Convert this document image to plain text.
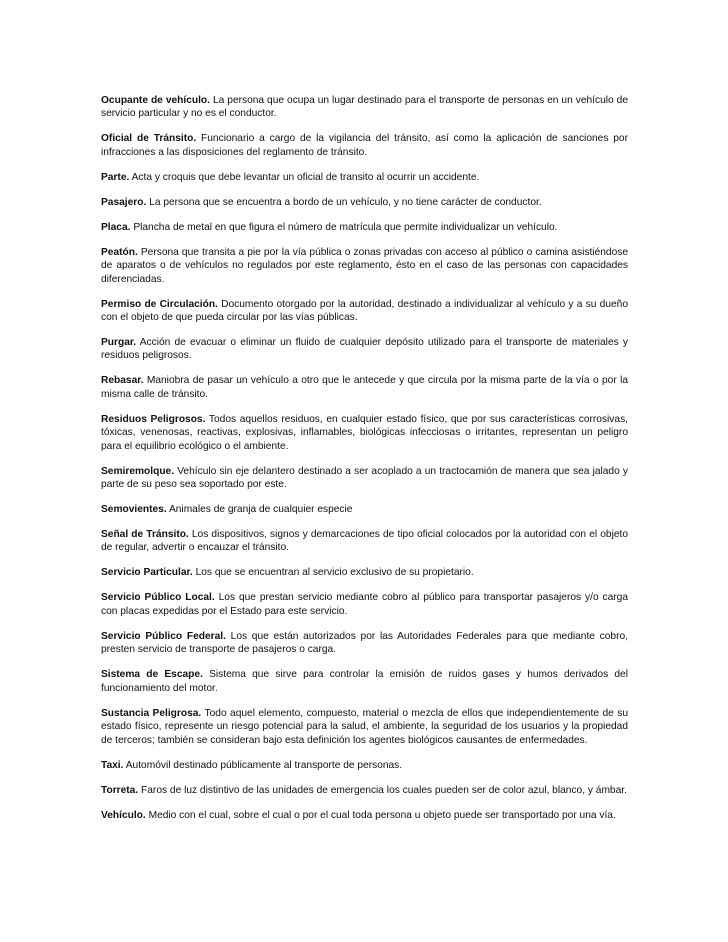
Ocupante de vehículo. La persona que ocupa un lugar destinado para el transporte de personas en un vehículo de servicio particular y no es el conductor.

Oficial de Tránsito. Funcionario a cargo de la vigilancia del tránsito, así como la aplicación de sanciones por infracciones a las disposiciones del reglamento de tránsito.

Parte. Acta y croquis que debe levantar un oficial de transito al ocurrir un accidente.

Pasajero. La persona que se encuentra a bordo de un vehículo, y no tiene carácter de conductor.

Placa. Plancha de metal en que figura el número de matrícula que permite individualizar un vehículo.

Peatón. Persona que transita a pie por la vía pública o zonas privadas con acceso al público o camina asistiéndose de aparatos o de vehículos no regulados por este reglamento, ésto en el caso de las personas con capacidades diferenciadas.

Permiso de Circulación. Documento otorgado por la autoridad, destinado a individualizar al vehículo y a su dueño con el objeto de que pueda circular por las vías públicas.

Purgar. Acción de evacuar o eliminar un fluido de cualquier depósito utilizado para el transporte de materiales y residuos peligrosos.

Rebasar. Maniobra de pasar un vehículo a otro que le antecede y que circula por la misma parte de la vía o por la misma calle de tránsito.

Residuos Peligrosos. Todos aquellos residuos, en cualquier estado físico, que por sus características corrosivas, tóxicas, venenosas, reactivas, explosivas, inflamables, biológicas infecciosas o irritantes, representan un peligro para el equilibrio ecológico o el ambiente.

Semiremolque. Vehículo sin eje delantero destinado a ser acoplado a un tractocamión de manera que sea jalado y parte de su peso sea soportado por este.

Semovientes. Animales de granja de cualquier especie

Señal de Tránsito. Los dispositivos, signos y demarcaciones de tipo oficial colocados por la autoridad con el objeto de regular, advertir o encauzar el tránsito.

Servicio Particular. Los que se encuentran al servicio exclusivo de su propietario.

Servicio Público Local. Los que prestan servicio mediante cobro al público para transportar pasajeros y/o carga con placas expedidas por el Estado para este servicio.

Servicio Público Federal. Los que están autorizados por las Autoridades Federales para que mediante cobro, presten servicio de transporte de pasajeros o carga.

Sistema de Escape. Sistema que sirve para controlar la emisión de ruidos gases y humos derivados del funcionamiento del motor.

Sustancia Peligrosa. Todo aquel elemento, compuesto, material o mezcla de ellos que independientemente de su estado físico, represente un riesgo potencial para la salud, el ambiente, la seguridad de los usuarios y la propiedad de terceros; también se consideran bajo esta definición los agentes biológicos causantes de enfermedades.

Taxi. Automóvil destinado públicamente al transporte de personas.

Torreta. Faros de luz distintivo de las unidades de emergencia los cuales pueden ser de color azul, blanco, y ámbar.

Vehículo. Medio con el cual, sobre el cual o por el cual toda persona u objeto puede ser transportado por una vía.
